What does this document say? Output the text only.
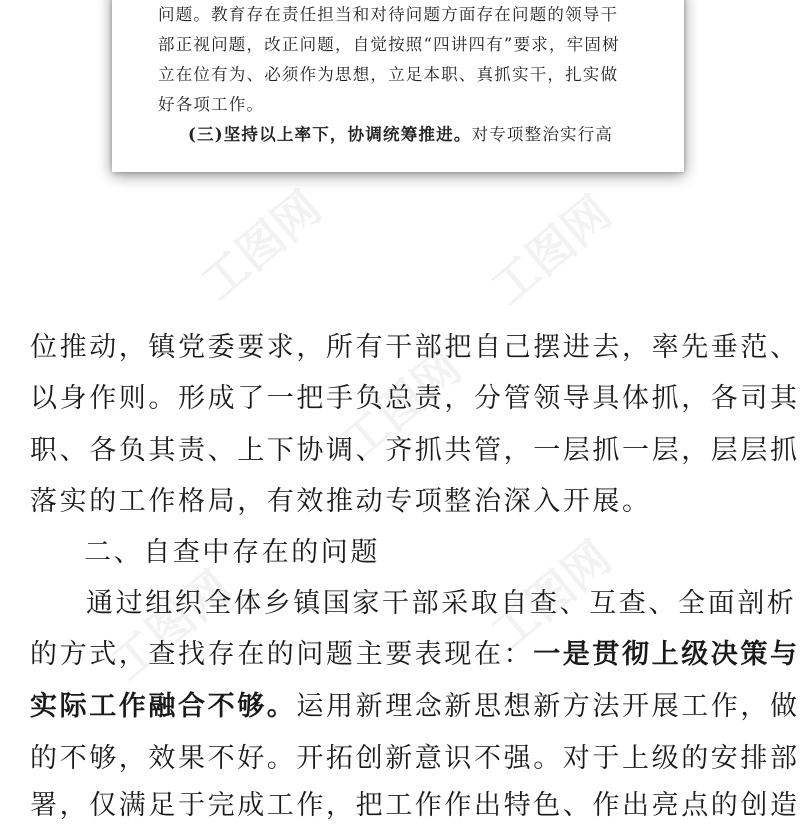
问题。教育存在责任担当和对待问题方面存在问题的领导干

部正视问题，改正问题，自觉按照“四讲四有”要求，牢固树

立在位有为、必须作为思想，立足本职、真抓实干，扎实做

好各项工作。

(三)坚持以上率下，协调统筹推进。对专项整治实行高

工图网	工图网
工图网
工图网	工图网

位推动，镇党委要求，所有干部把自己摆进去，率先垂范、

以身作则。形成了一把手负总责，分管领导具体抓，各司其

职、各负其责、上下协调、齐抓共管，一层抓一层，层层抓

落实的工作格局，有效推动专项整治深入开展。

二、自查中存在的问题

通过组织全体乡镇国家干部采取自查、互查、全面剖析

的方式，查找存在的问题主要表现在：一是贯彻上级决策与

实际工作融合不够。运用新理念新思想新方法开展工作，做

的不够，效果不好。开拓创新意识不强。对于上级的安排部

署，仅满足于完成工作，把工作作出特色、作出亮点的创造
